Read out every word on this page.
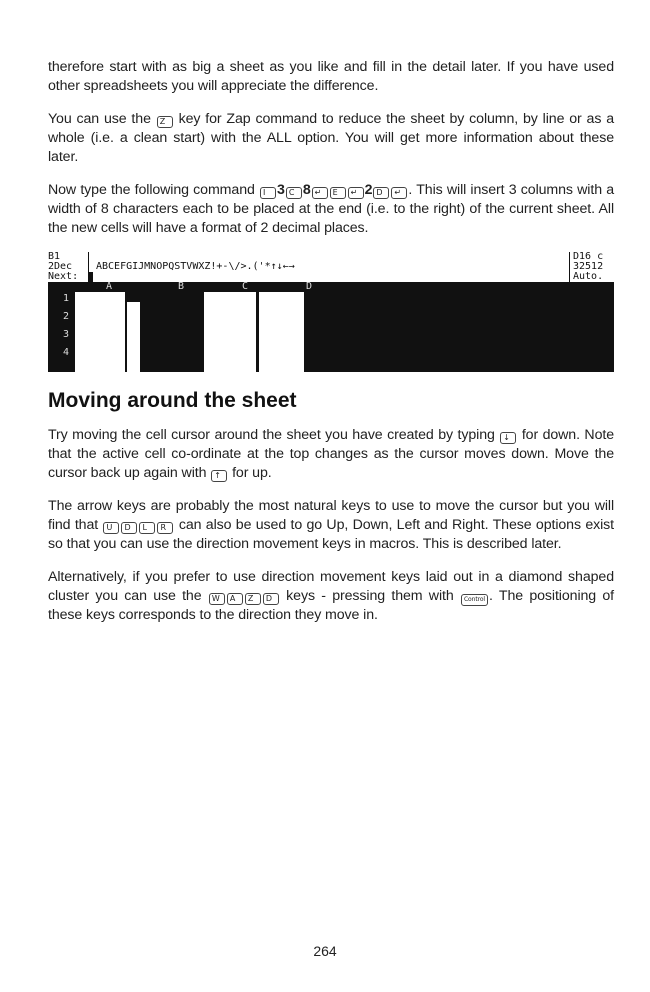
therefore start with as big a sheet as you like and fill in the detail later. If you have used other spreadsheets you will appreciate the difference.

You can use the Z key for Zap command to reduce the sheet by column, by line or as a whole (i.e. a clean start) with the ALL option. You will get more information about these later.

Now type the following command I 3 C 8 ↵ E ↵ 2 D ↵ . This will insert 3 columns with a width of 8 characters each to be placed at the end (i.e. to the right) of the current sheet. All the new cells will have a format of 2 decimal places.

B1
2Dec
Next:
ABCEFGIJMNOPQSTVWXZ!+-\/>.('*↑↓←→
D16 c
32512
Auto.
A	B	C	D
1
2
3
4
Moving around the sheet

Try moving the cell cursor around the sheet you have created by typing ↓ for down. Note that the active cell co-ordinate at the top changes as the cursor moves down. Move the cursor back up again with ↑ for up.

The arrow keys are probably the most natural keys to use to move the cursor but you will find that U D L R can also be used to go Up, Down, Left and Right. These options exist so that you can use the direction movement keys in macros. This is described later.

Alternatively, if you prefer to use direction movement keys laid out in a diamond shaped cluster you can use the W A Z D keys - pressing them with Control . The positioning of these keys corresponds to the direction they move in.

264
